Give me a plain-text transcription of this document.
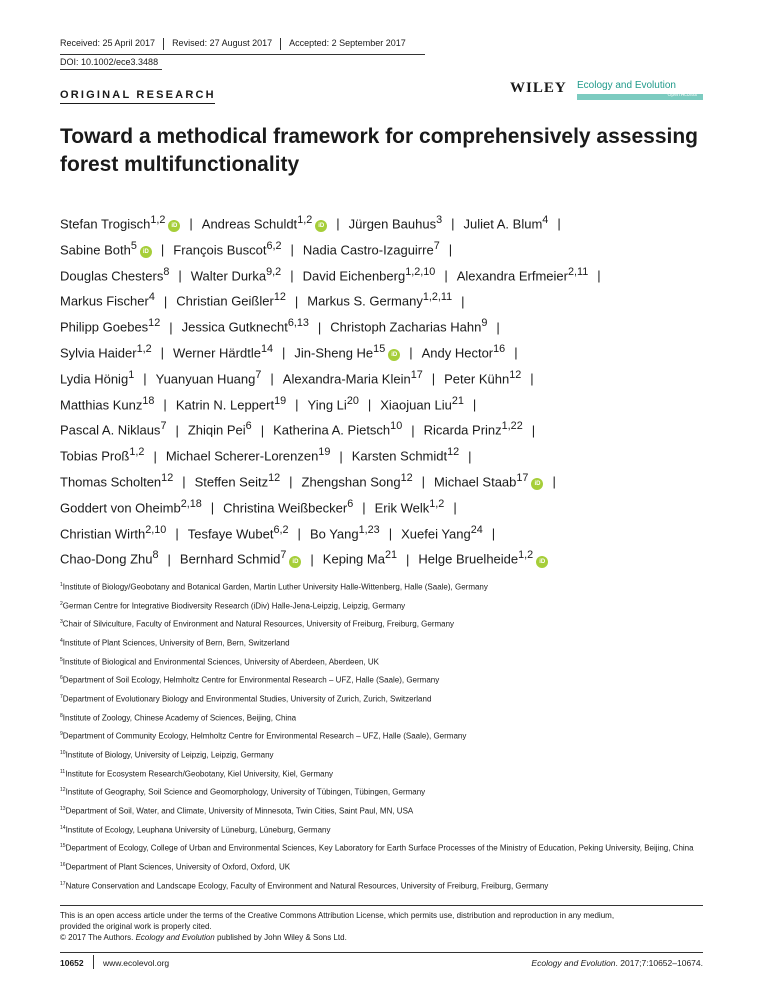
Received: 25 April 2017 Revised: 27 August 2017 Accepted: 2 September 2017
DOI: 10.1002/ece3.3488
ORIGINAL RESEARCH	WILEY Ecology and Evolution
Open Access
Toward a methodical framework for comprehensively assessing forest multifunctionality
Stefan Trogisch$^{1,2}$iD | Andreas Schuldt$^{1,2}$iD | Jürgen Bauhus$^3$ | Juliet A. Blum$^4$ |
Sabine Both$^5$iD | François Buscot$^{6,2}$ | Nadia Castro-Izaguirre$^7$ |
Douglas Chesters$^8$ | Walter Durka$^{9,2}$ | David Eichenberg$^{1,2,10}$ | Alexandra Erfmeier$^{2,11}$ |
Markus Fischer$^4$ | Christian Geißler$^{12}$ | Markus S. Germany$^{1,2,11}$ |
Philipp Goebes$^{12}$ | Jessica Gutknecht$^{6,13}$ | Christoph Zacharias Hahn$^9$ |
Sylvia Haider$^{1,2}$ | Werner Härdtle$^{14}$ | Jin-Sheng He$^{15}$iD | Andy Hector$^{16}$ |
Lydia Hönig$^1$ | Yuanyuan Huang$^7$ | Alexandra-Maria Klein$^{17}$ | Peter Kühn$^{12}$ |
Matthias Kunz$^{18}$ | Katrin N. Leppert$^{19}$ | Ying Li$^{20}$ | Xiaojuan Liu$^{21}$ |
Pascal A. Niklaus$^7$ | Zhiqin Pei$^6$ | Katherina A. Pietsch$^{10}$ | Ricarda Prinz$^{1,22}$ |
Tobias Proß$^{1,2}$ | Michael Scherer-Lorenzen$^{19}$ | Karsten Schmidt$^{12}$ |
Thomas Scholten$^{12}$ | Steffen Seitz$^{12}$ | Zhengshan Song$^{12}$ | Michael Staab$^{17}$iD |
Goddert von Oheimb$^{2,18}$ | Christina Weißbecker$^6$ | Erik Welk$^{1,2}$ |
Christian Wirth$^{2,10}$ | Tesfaye Wubet$^{6,2}$ | Bo Yang$^{1,23}$ | Xuefei Yang$^{24}$ |
Chao-Dong Zhu$^8$ | Bernhard Schmid$^7$iD | Keping Ma$^{21}$ | Helge Bruelheide$^{1,2}$iD
$^1$Institute of Biology/Geobotany and Botanical Garden, Martin Luther University Halle-Wittenberg, Halle (Saale), Germany
$^2$German Centre for Integrative Biodiversity Research (iDiv) Halle-Jena-Leipzig, Leipzig, Germany
$^3$Chair of Silviculture, Faculty of Environment and Natural Resources, University of Freiburg, Freiburg, Germany
$^4$Institute of Plant Sciences, University of Bern, Bern, Switzerland
$^5$Institute of Biological and Environmental Sciences, University of Aberdeen, Aberdeen, UK
$^6$Department of Soil Ecology, Helmholtz Centre for Environmental Research – UFZ, Halle (Saale), Germany
$^7$Department of Evolutionary Biology and Environmental Studies, University of Zurich, Zurich, Switzerland
$^8$Institute of Zoology, Chinese Academy of Sciences, Beijing, China
$^9$Department of Community Ecology, Helmholtz Centre for Environmental Research – UFZ, Halle (Saale), Germany
$^{10}$Institute of Biology, University of Leipzig, Leipzig, Germany
$^{11}$Institute for Ecosystem Research/Geobotany, Kiel University, Kiel, Germany
$^{12}$Institute of Geography, Soil Science and Geomorphology, University of Tübingen, Tübingen, Germany
$^{13}$Department of Soil, Water, and Climate, University of Minnesota, Twin Cities, Saint Paul, MN, USA
$^{14}$Institute of Ecology, Leuphana University of Lüneburg, Lüneburg, Germany
$^{15}$Department of Ecology, College of Urban and Environmental Sciences, Key Laboratory for Earth Surface Processes of the Ministry of Education, Peking University, Beijing, China
$^{16}$Department of Plant Sciences, University of Oxford, Oxford, UK
$^{17}$Nature Conservation and Landscape Ecology, Faculty of Environment and Natural Resources, University of Freiburg, Freiburg, Germany
This is an open access article under the terms of the Creative Commons Attribution License, which permits use, distribution and reproduction in any medium,
provided the original work is properly cited.
© 2017 The Authors. Ecology and Evolution published by John Wiley & Sons Ltd.
10652 www.ecolevol.org	Ecology and Evolution. 2017;7:10652–10674.
